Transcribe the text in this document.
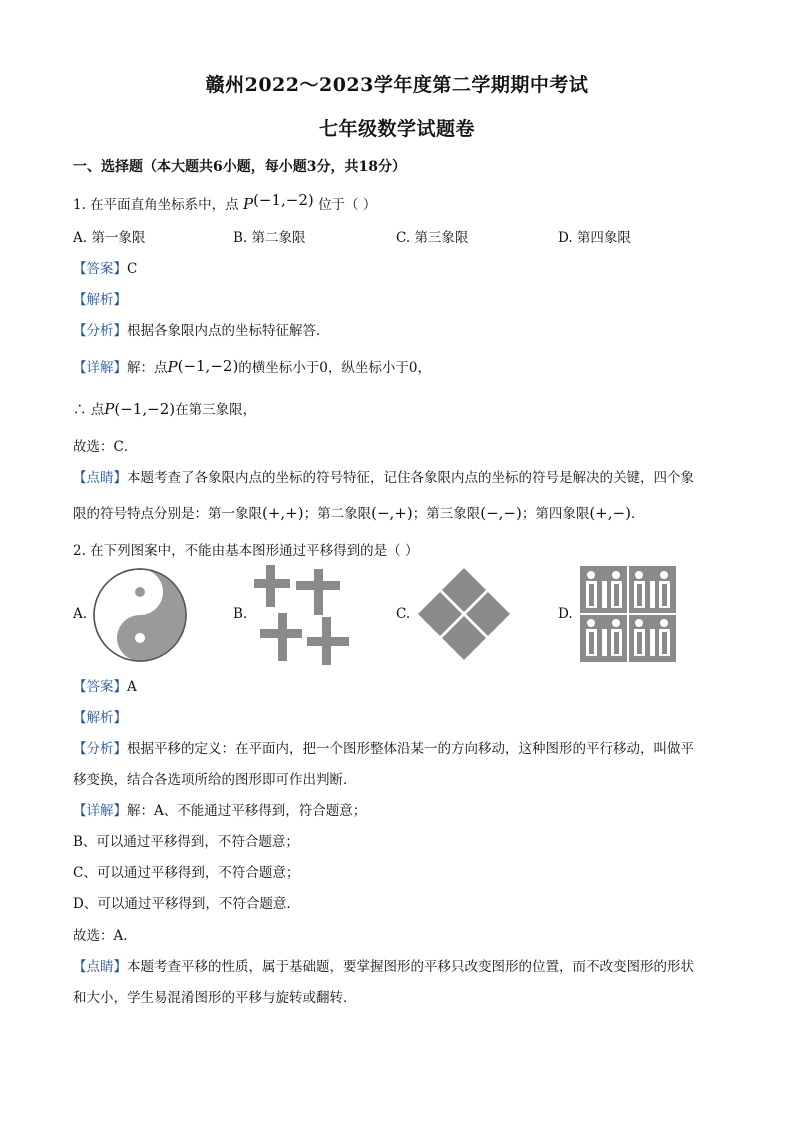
赣州2022～2023学年度第二学期期中考试
七年级数学试题卷
一、选择题（本大题共6小题，每小题3分，共18分）
1. 在平面直角坐标系中，点 P(−1,−2) 位于（ ）
A. 第一象限	B. 第二象限	C. 第三象限	D. 第四象限
【答案】C
【解析】
【分析】根据各象限内点的坐标特征解答．
【详解】解：点P(−1,−2)的横坐标小于0，纵坐标小于0，
∴ 点P(−1,−2)在第三象限，
故选：C．
【点睛】本题考查了各象限内点的坐标的符号特征，记住各象限内点的坐标的符号是解决的关键，四个象
限的符号特点分别是：第一象限(+,+)；第二象限(−,+)；第三象限(−,−)；第四象限(+,−)．
2. 在下列图案中，不能由基本图形通过平移得到的是（ ）
A.	B.	C.	D.
【答案】A
【解析】
【分析】根据平移的定义：在平面内，把一个图形整体沿某一的方向移动，这种图形的平行移动，叫做平
移变换，结合各选项所给的图形即可作出判断．
【详解】解：A、不能通过平移得到，符合题意；
B、可以通过平移得到，不符合题意；
C、可以通过平移得到，不符合题意；
D、可以通过平移得到，不符合题意．
故选：A．
【点睛】本题考查平移的性质，属于基础题，要掌握图形的平移只改变图形的位置，而不改变图形的形状
和大小，学生易混淆图形的平移与旋转或翻转．
